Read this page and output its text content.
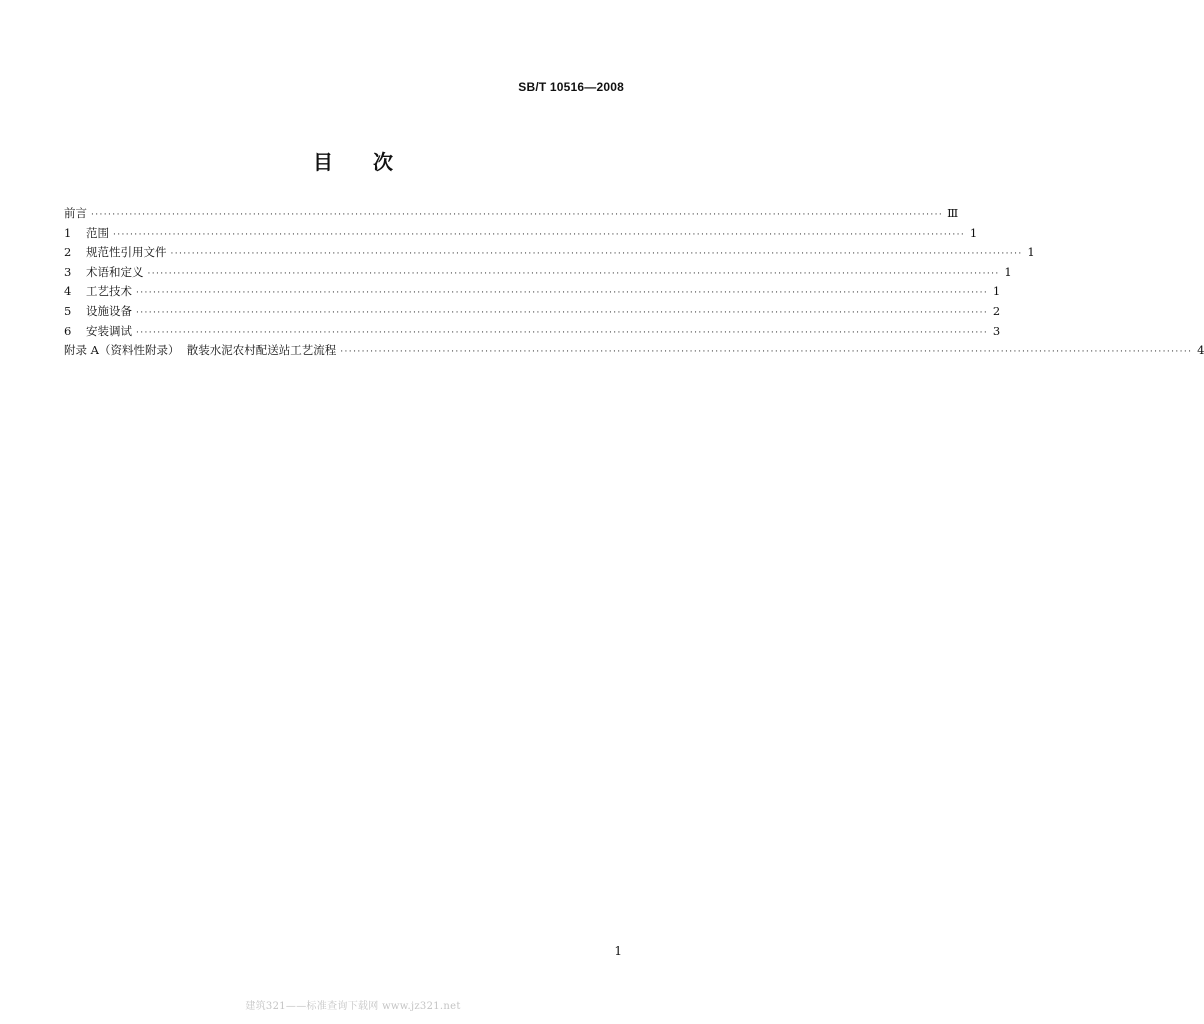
SB/T 10516—2008
目 次
前言 ········································································································································································································ Ⅲ
1	范围 ········································································································································································································ 1
2	规范性引用文件 ········································································································································································································ 1
3	术语和定义 ········································································································································································································ 1
4	工艺技术 ········································································································································································································ 1
5	设施设备 ········································································································································································································ 2
6	安装调试 ········································································································································································································ 3
附录 A（资料性附录）  散装水泥农村配送站工艺流程 ········································································································································································································ 4
1
建筑321——标准查询下载网 www.jz321.net
